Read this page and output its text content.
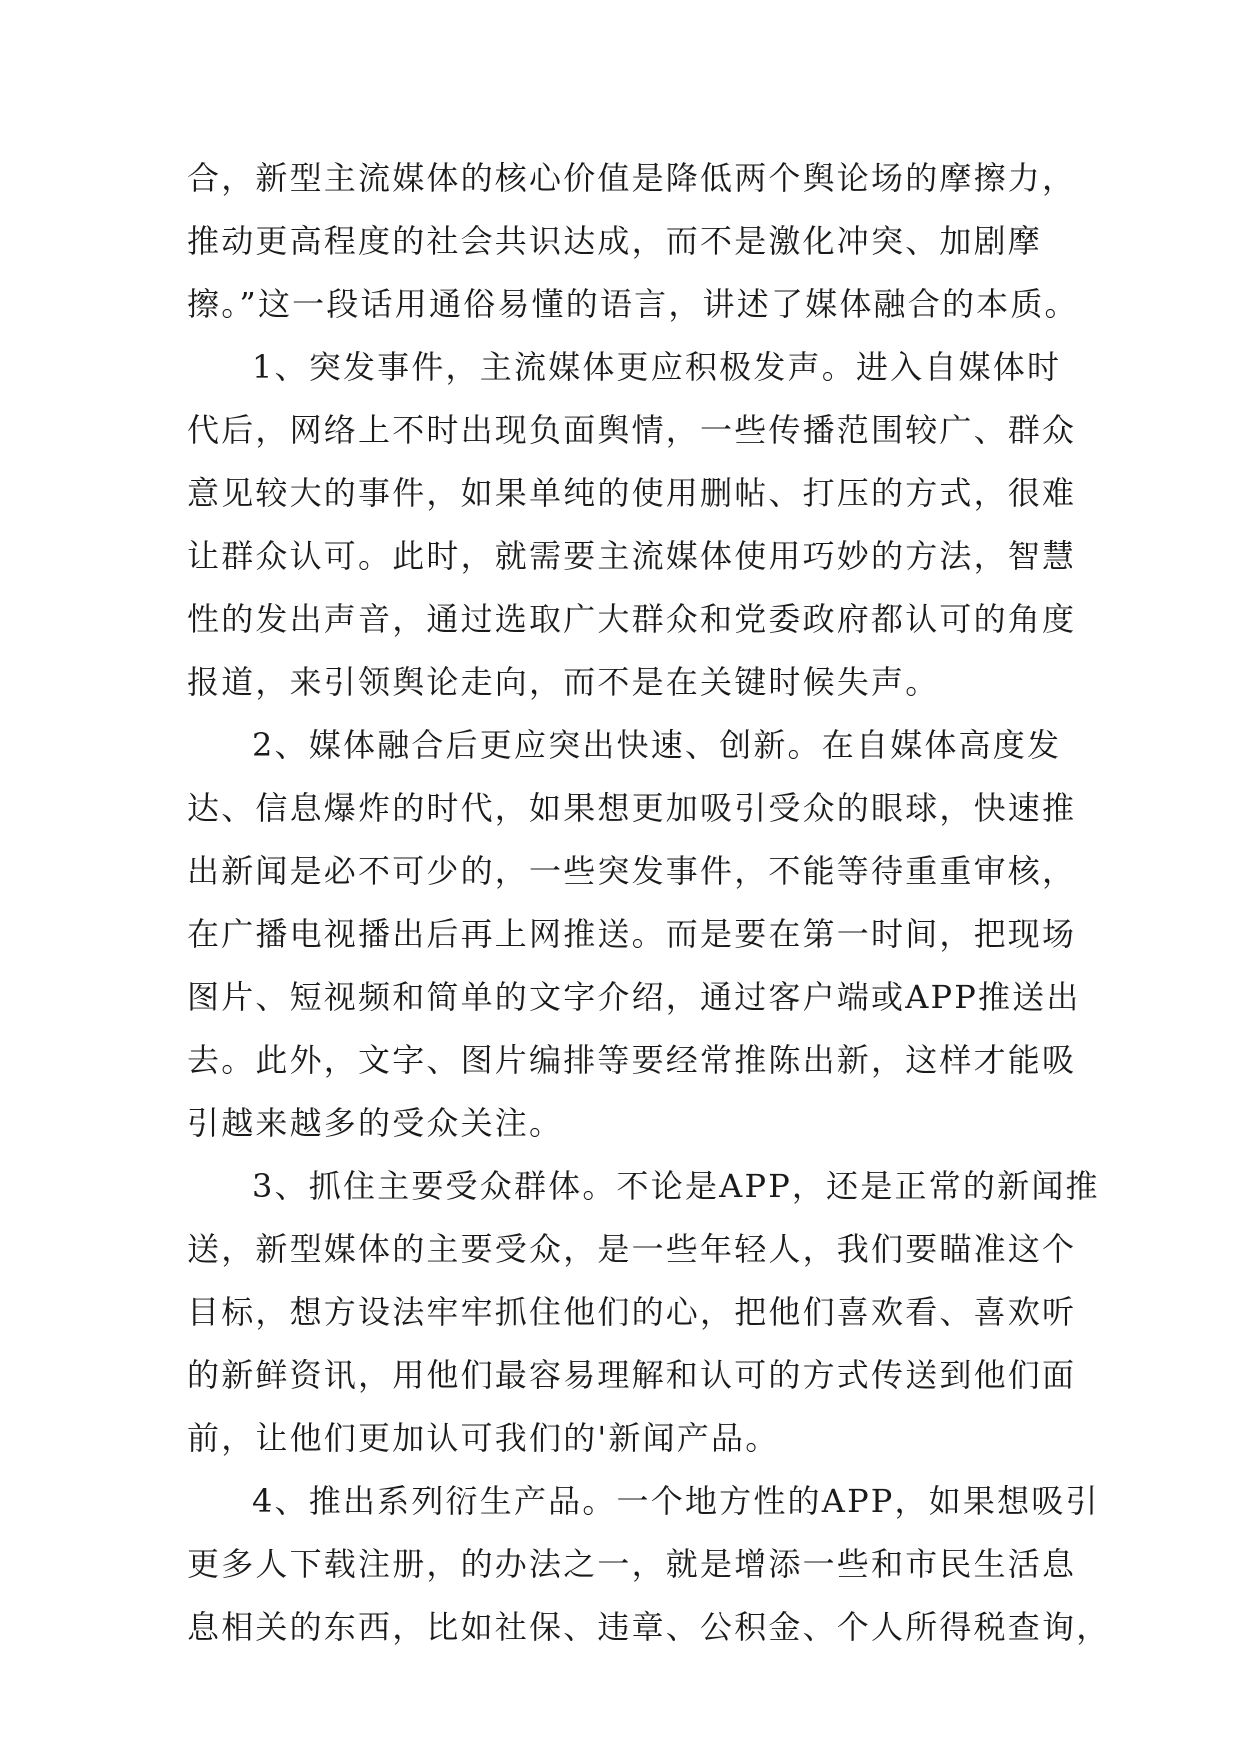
合，新型主流媒体的核心价值是降低两个舆论场的摩擦力，
推动更高程度的社会共识达成，而不是激化冲突、加剧摩
擦。”这一段话用通俗易懂的语言，讲述了媒体融合的本质。
1、突发事件，主流媒体更应积极发声。进入自媒体时
代后，网络上不时出现负面舆情，一些传播范围较广、群众
意见较大的事件，如果单纯的使用删帖、打压的方式，很难
让群众认可。此时，就需要主流媒体使用巧妙的方法，智慧
性的发出声音，通过选取广大群众和党委政府都认可的角度
报道，来引领舆论走向，而不是在关键时候失声。
2、媒体融合后更应突出快速、创新。在自媒体高度发
达、信息爆炸的时代，如果想更加吸引受众的眼球，快速推
出新闻是必不可少的，一些突发事件，不能等待重重审核，
在广播电视播出后再上网推送。而是要在第一时间，把现场
图片、短视频和简单的文字介绍，通过客户端或APP推送出
去。此外，文字、图片编排等要经常推陈出新，这样才能吸
引越来越多的受众关注。
3、抓住主要受众群体。不论是APP，还是正常的新闻推
送，新型媒体的主要受众，是一些年轻人，我们要瞄准这个
目标，想方设法牢牢抓住他们的心，把他们喜欢看、喜欢听
的新鲜资讯，用他们最容易理解和认可的方式传送到他们面
前，让他们更加认可我们的'新闻产品。
4、推出系列衍生产品。一个地方性的APP，如果想吸引
更多人下载注册，的办法之一，就是增添一些和市民生活息
息相关的东西，比如社保、违章、公积金、个人所得税查询，
